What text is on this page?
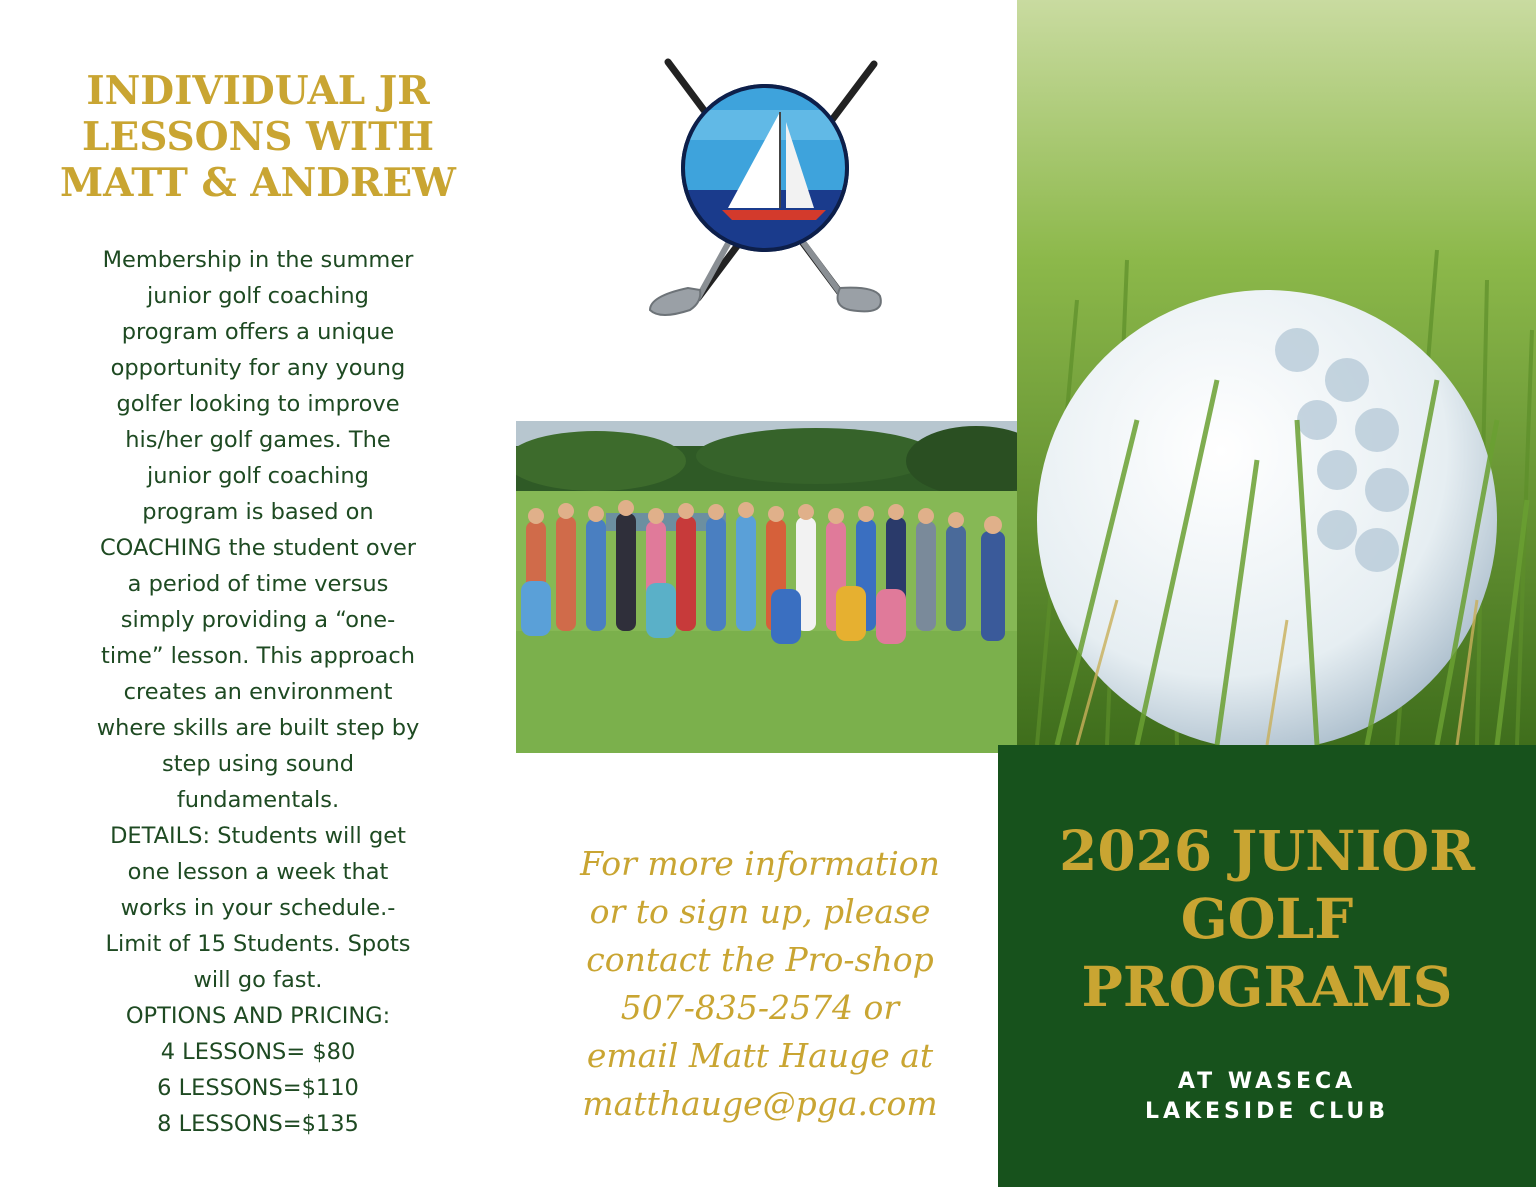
INDIVIDUAL JR
LESSONS WITH
MATT & ANDREW
Membership in the summer
junior golf coaching
program offers a unique
opportunity for any young
golfer looking to improve
his/her golf games. The
junior golf coaching
program is based on
COACHING the student over
a period of time versus
simply providing a “one-
time” lesson. This approach
creates an environment
where skills are built step by
step using sound
fundamentals.
DETAILS: Students will get
one lesson a week that
works in your schedule.-
Limit of 15 Students. Spots
will go fast.
OPTIONS AND PRICING:
4 LESSONS= $80
6 LESSONS=$110
8 LESSONS=$135
For more information
or to sign up, please
contact the Pro-shop
507-835-2574 or
email Matt Hauge at
matthauge@pga.com
2026 JUNIOR
GOLF
PROGRAMS
AT WASECA
LAKESIDE CLUB
